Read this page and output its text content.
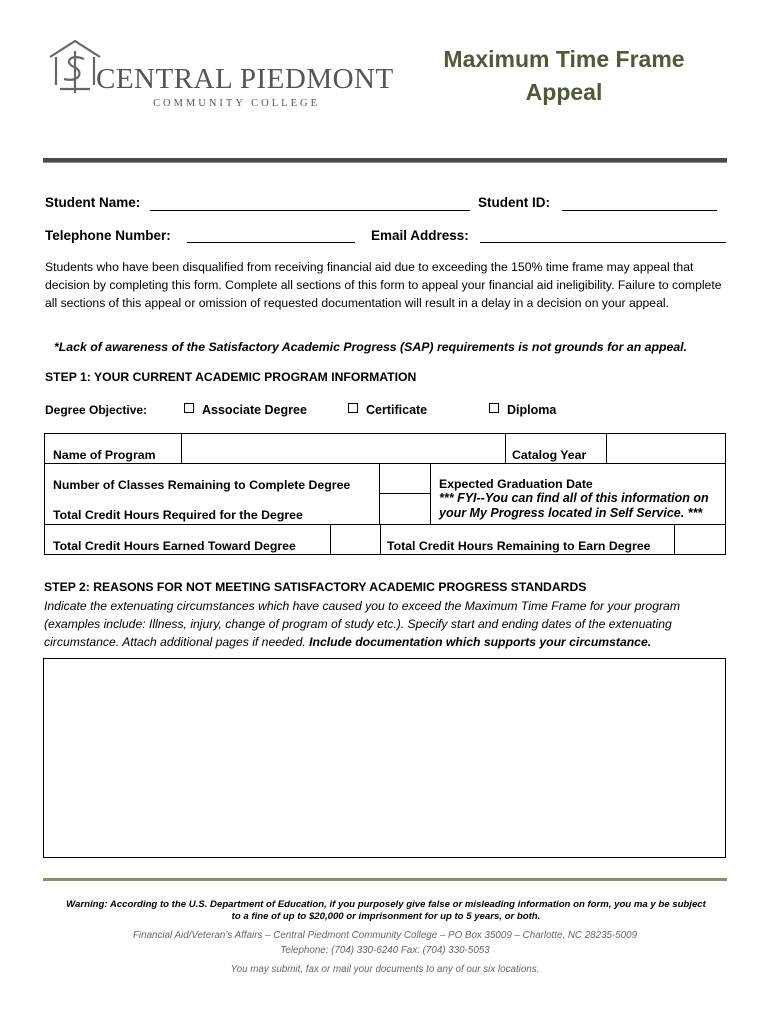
CENTRAL PIEDMONT
COMMUNITY COLLEGE
Maximum Time Frame
Appeal
Student Name:	Student ID:
Telephone Number:	Email Address:
Students who have been disqualified from receiving financial aid due to exceeding the 150% time frame may appeal that decision by completing this form. Complete all sections of this form to appeal your financial aid ineligibility. Failure to complete all sections of this appeal or omission of requested documentation will result in a delay in a decision on your appeal.
*Lack of awareness of the Satisfactory Academic Progress (SAP) requirements is not grounds for an appeal.
STEP 1: YOUR CURRENT ACADEMIC PROGRAM INFORMATION
Degree Objective:	Associate Degree	Certificate	Diploma
Name of Program	Catalog Year
Number of Classes Remaining to Complete Degree
Total Credit Hours Required for the Degree
Expected Graduation Date
*** FYI--You can find all of this information on
your My Progress located in Self Service. ***
Total Credit Hours Earned Toward Degree	Total Credit Hours Remaining to Earn Degree
STEP 2: REASONS FOR NOT MEETING SATISFACTORY ACADEMIC PROGRESS STANDARDS
Indicate the extenuating circumstances which have caused you to exceed the Maximum Time Frame for your program (examples include: Illness, injury, change of program of study etc.). Specify start and ending dates of the extenuating circumstance. Attach additional pages if needed. Include documentation which supports your circumstance.
Warning: According to the U.S. Department of Education, if you purposely give false or misleading information on form, you ma y be subject
to a fine of up to $20,000 or imprisonment for up to 5 years, or both.
Financial Aid/Veteran’s Affairs – Central Piedmont Community College – PO Box 35009 – Charlotte, NC 28235-5009
Telephone: (704) 330-6240 Fax: (704) 330-5053
You may submit, fax or mail your documents to any of our six locations.
